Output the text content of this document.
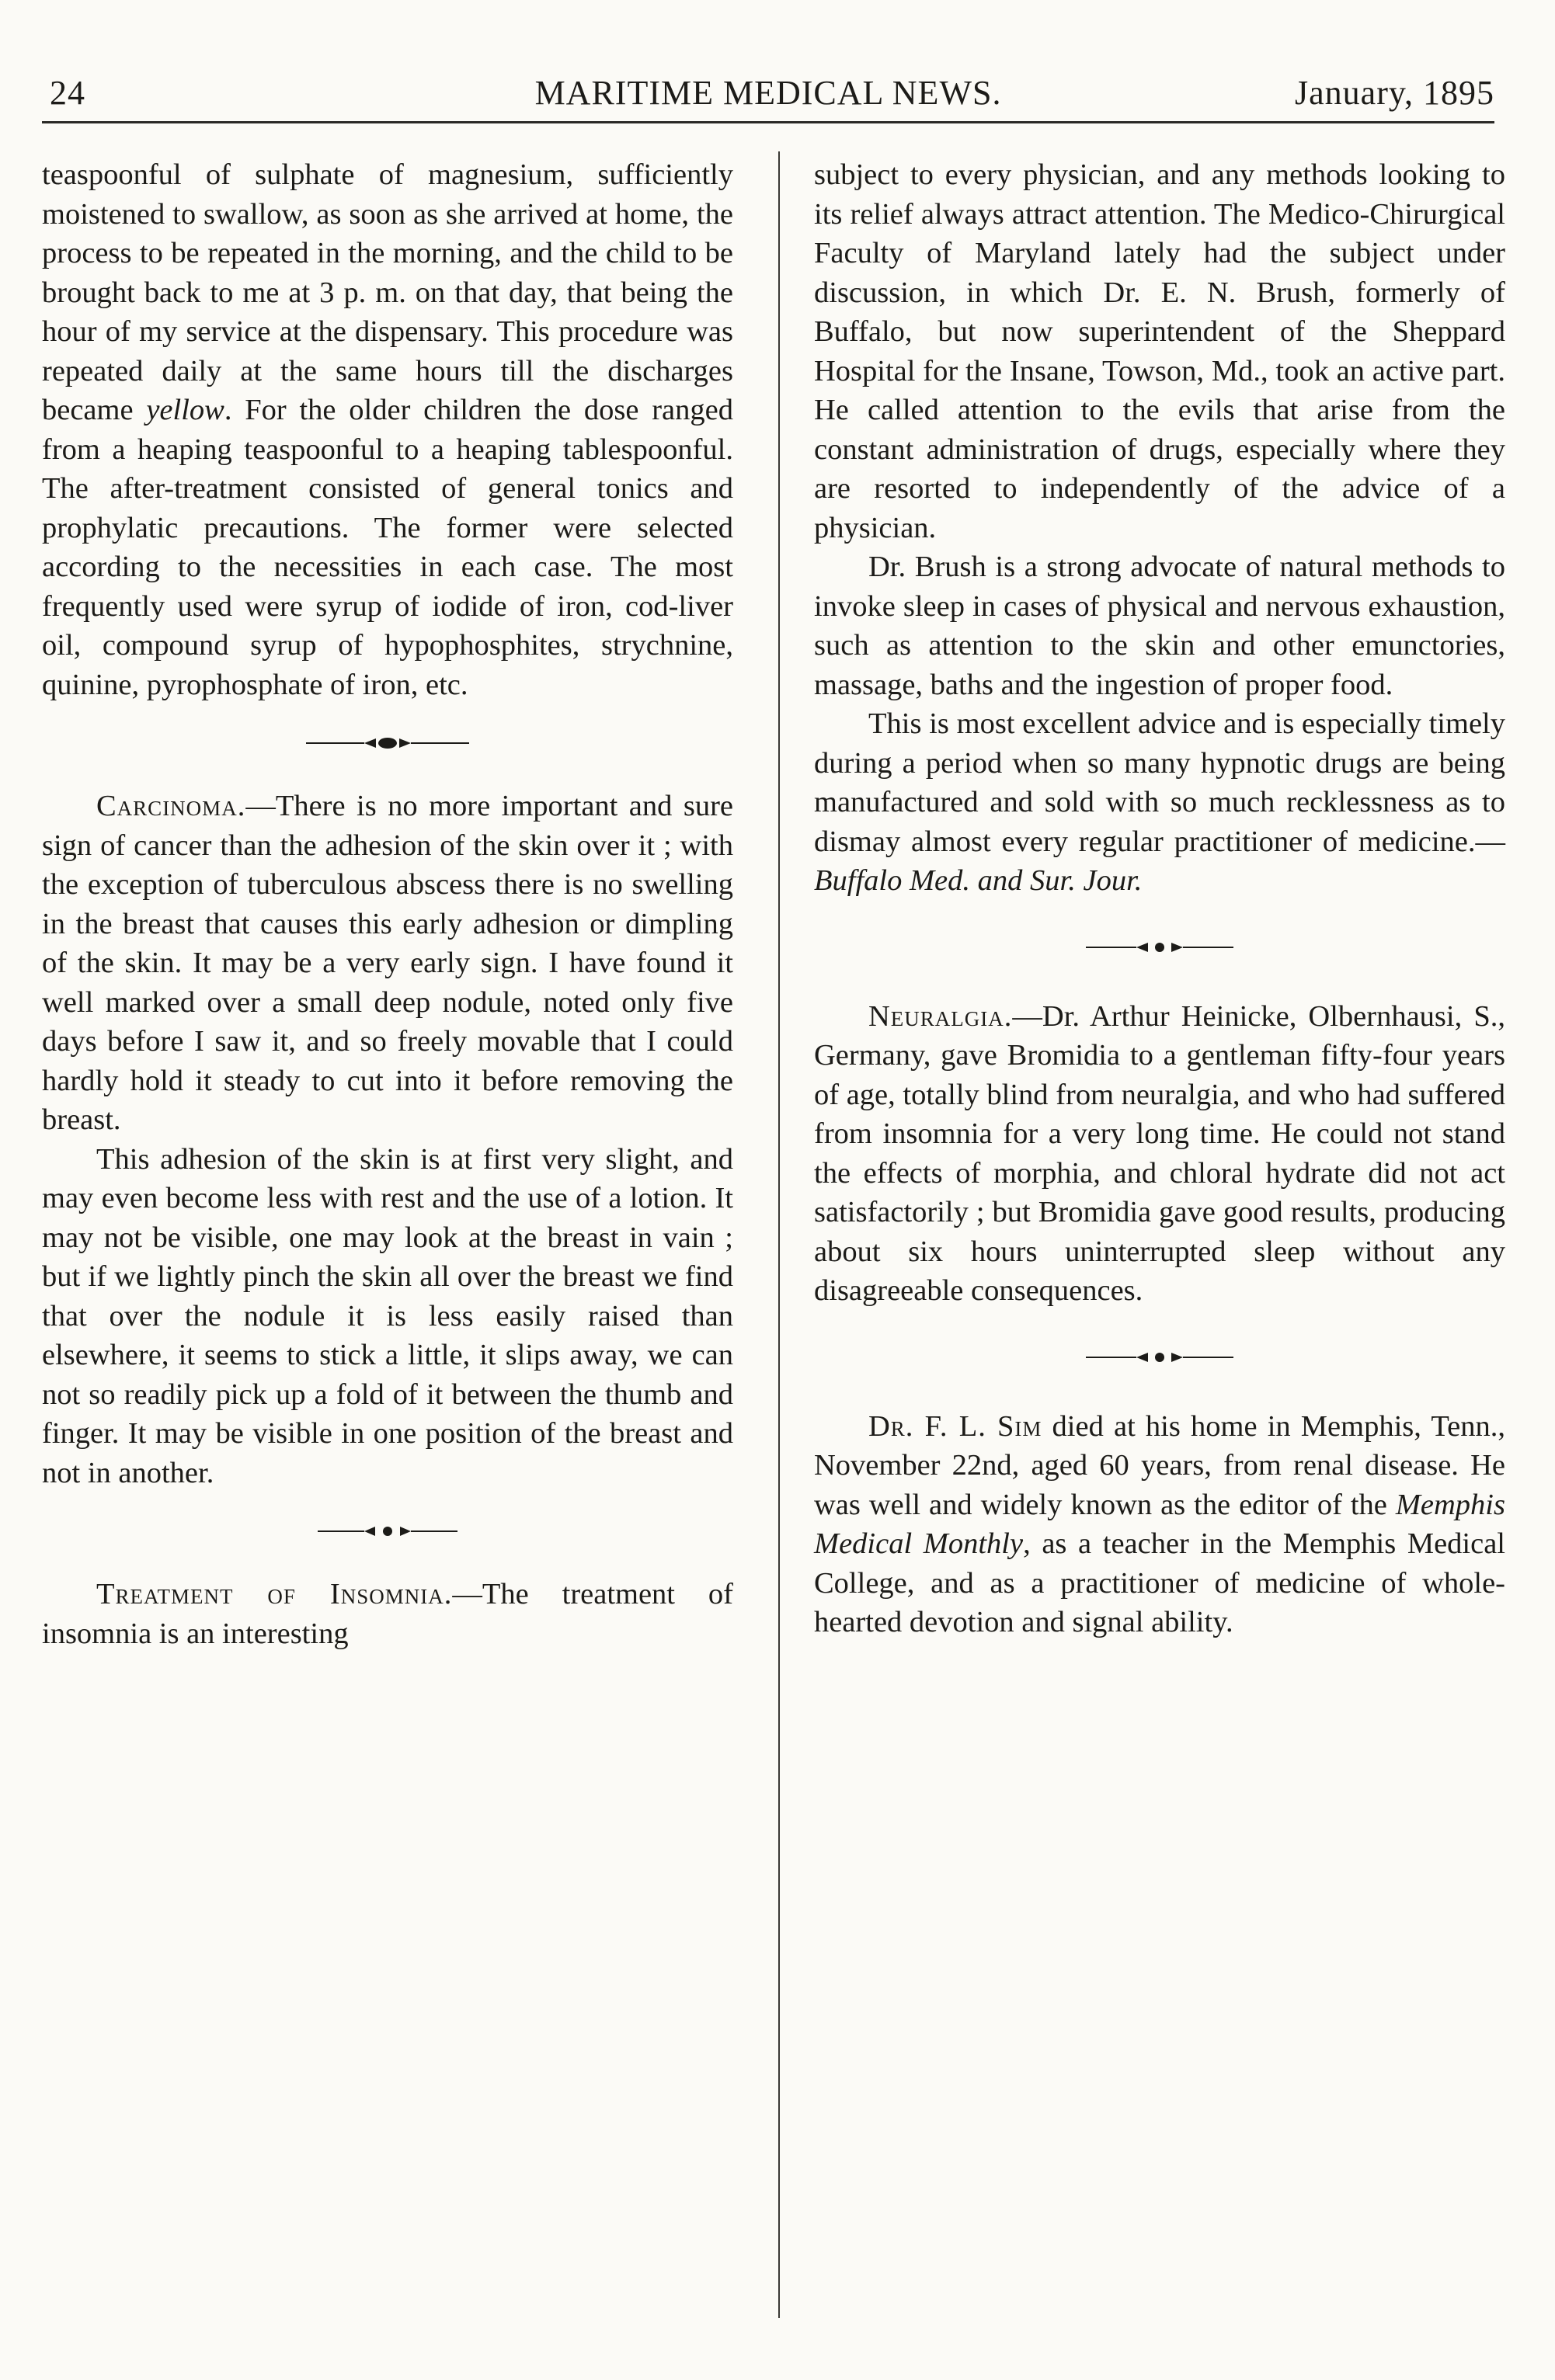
24	MARITIME MEDICAL NEWS.	January, 1895

teaspoonful of sulphate of magnesium, sufficiently moistened to swallow, as soon as she arrived at home, the process to be repeated in the morning, and the child to be brought back to me at 3 p. m. on that day, that being the hour of my service at the dispensary. This procedure was repeated daily at the same hours till the discharges became yellow. For the older children the dose ranged from a heaping teaspoonful to a heaping tablespoonful. The after-treatment consisted of general tonics and prophylatic precautions. The former were selected according to the necessities in each case. The most frequently used were syrup of iodide of iron, cod-liver oil, compound syrup of hypophosphites, strychnine, quinine, pyrophosphate of iron, etc.

Carcinoma.—There is no more important and sure sign of cancer than the adhesion of the skin over it ; with the exception of tuberculous abscess there is no swelling in the breast that causes this early adhesion or dimpling of the skin. It may be a very early sign. I have found it well marked over a small deep nodule, noted only five days before I saw it, and so freely movable that I could hardly hold it steady to cut into it before removing the breast.

This adhesion of the skin is at first very slight, and may even become less with rest and the use of a lotion. It may not be visible, one may look at the breast in vain ; but if we lightly pinch the skin all over the breast we find that over the nodule it is less easily raised than elsewhere, it seems to stick a little, it slips away, we can not so readily pick up a fold of it between the thumb and finger. It may be visible in one position of the breast and not in another.

Treatment of Insomnia.—The treatment of insomnia is an interesting

subject to every physician, and any methods looking to its relief always attract attention. The Medico-Chirurgical Faculty of Maryland lately had the subject under discussion, in which Dr. E. N. Brush, formerly of Buffalo, but now superintendent of the Sheppard Hospital for the Insane, Towson, Md., took an active part. He called attention to the evils that arise from the constant administration of drugs, especially where they are resorted to independently of the advice of a physician.

Dr. Brush is a strong advocate of natural methods to invoke sleep in cases of physical and nervous exhaustion, such as attention to the skin and other emunctories, massage, baths and the ingestion of proper food.

This is most excellent advice and is especially timely during a period when so many hypnotic drugs are being manufactured and sold with so much recklessness as to dismay almost every regular practitioner of medicine.—Buffalo Med. and Sur. Jour.

Neuralgia.—Dr. Arthur Heinicke, Olbernhausi, S., Germany, gave Bromidia to a gentleman fifty-four years of age, totally blind from neuralgia, and who had suffered from insomnia for a very long time. He could not stand the effects of morphia, and chloral hydrate did not act satisfactorily ; but Bromidia gave good results, producing about six hours uninterrupted sleep without any disagreeable consequences.

Dr. F. L. Sim died at his home in Memphis, Tenn., November 22nd, aged 60 years, from renal disease. He was well and widely known as the editor of the Memphis Medical Monthly, as a teacher in the Memphis Medical College, and as a practitioner of medicine of whole-hearted devotion and signal ability.
